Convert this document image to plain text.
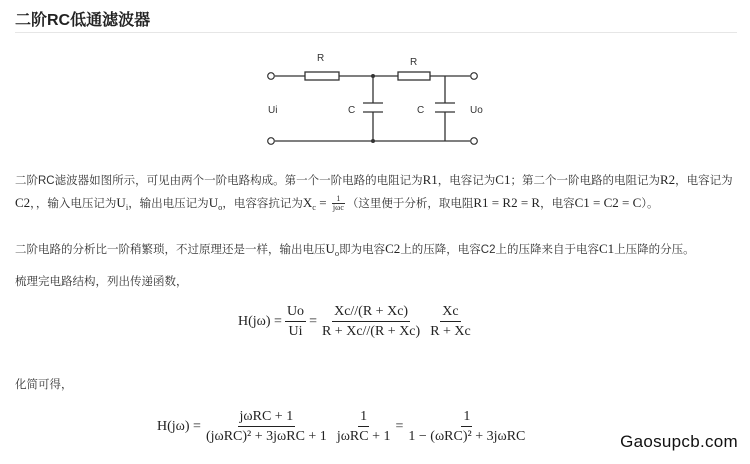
二阶RC低通滤波器
R	R
C	C
Ui	Uo

二阶RC滤波器如图所示，可见由两个一阶电路构成。第一个一阶电路的电阻记为R1，电容记为C1；第二个一阶电路的电阻记为R2，电容记为C2，，输入电压记为$U_i$，输出电压记为$U_o$，电容容抗记为$X_c = 1$
jωc （这里便于分析，取电阻R1 = R2 = R，电容C1 = C2 = C）。

二阶电路的分析比一阶稍繁琐，不过原理还是一样，输出电压$U_o$即为电容C2上的压降，电容C2上的压降来自于电容C1上压降的分压。

梳理完电路结构，列出传递函数，

$H(j\omega) = \frac{Uo}{Ui} = \frac{Xc//(R + Xc)}{R + Xc//(R + Xc)} \frac{Xc}{R + Xc}$

化简可得，

$H(j\omega) = \frac{\text{jωRC + 1}}{\text{(jωRC)² + 3jωRC + 1}} \frac{1}{\text{jωRC + 1}} = \frac{1}{\text{1 − (ωRC)² + 3jωRC}}$	Gaosupcb.com
